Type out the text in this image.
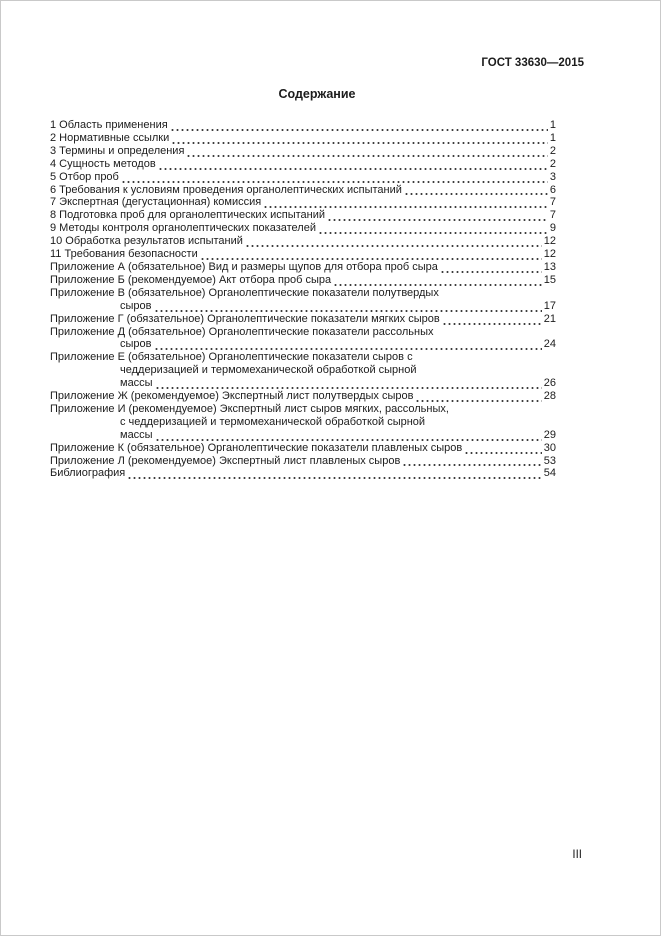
ГОСТ 33630—2015
Содержание
1 Область применения	1
2 Нормативные ссылки	1
3 Термины и определения	2
4 Сущность методов	2
5 Отбор проб	3
6 Требования к условиям проведения органолептических испытаний	6
7 Экспертная (дегустационная) комиссия	7
8 Подготовка проб для органолептических испытаний	7
9 Методы контроля органолептических показателей	9
10 Обработка результатов испытаний	12
11 Требования безопасности	12
Приложение А (обязательное) Вид и размеры щупов для отбора проб сыра	13
Приложение Б (рекомендуемое) Акт отбора проб сыра	15
Приложение В (обязательное) Органолептические показатели полутвердых
сыров	17
Приложение Г (обязательное) Органолептические показатели мягких сыров	21
Приложение Д (обязательное) Органолептические показатели рассольных
сыров	24
Приложение Е (обязательное) Органолептические показатели сыров с
чеддеризацией и термомеханической обработкой сырной
массы	26
Приложение Ж (рекомендуемое) Экспертный лист полутвердых сыров	28
Приложение И (рекомендуемое) Экспертный лист сыров мягких, рассольных,
с чеддеризацией и термомеханической обработкой сырной
массы	29
Приложение К (обязательное) Органолептические показатели плавленых сыров	30
Приложение Л (рекомендуемое) Экспертный лист плавленых сыров	53
Библиография	54
III
